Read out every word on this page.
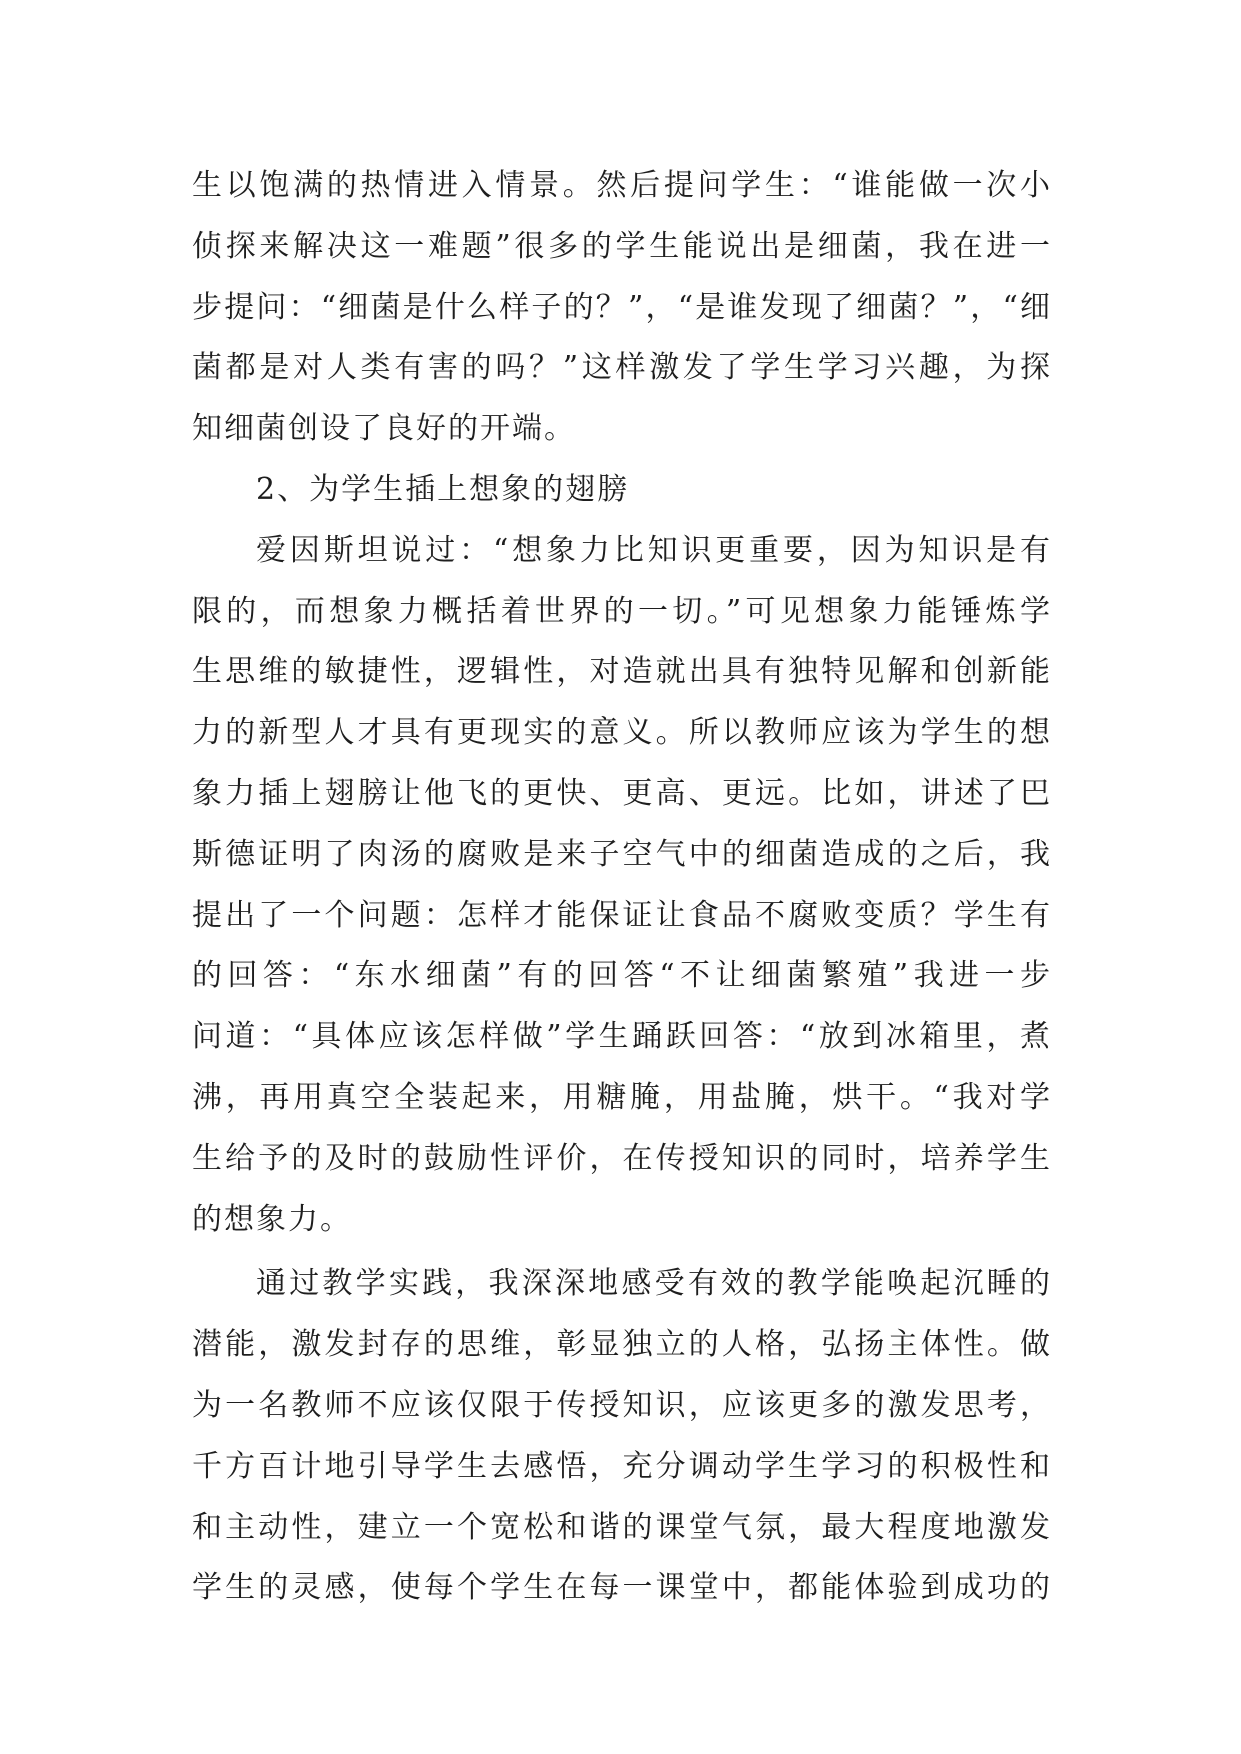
生以饱满的热情进入情景。然后提问学生：“谁能做一次小
侦探来解决这一难题”很多的学生能说出是细菌，我在进一
步提问：“细菌是什么样子的？”，“是谁发现了细菌？”，“细
菌都是对人类有害的吗？”这样激发了学生学习兴趣，为探
知细菌创设了良好的开端。
2、为学生插上想象的翅膀
爱因斯坦说过：“想象力比知识更重要，因为知识是有
限的，而想象力概括着世界的一切。”可见想象力能锤炼学
生思维的敏捷性，逻辑性，对造就出具有独特见解和创新能
力的新型人才具有更现实的意义。所以教师应该为学生的想
象力插上翅膀让他飞的更快、更高、更远。比如，讲述了巴
斯德证明了肉汤的腐败是来子空气中的细菌造成的之后，我
提出了一个问题：怎样才能保证让食品不腐败变质？学生有
的回答：“东水细菌”有的回答“不让细菌繁殖”我进一步
问道：“具体应该怎样做”学生踊跃回答：“放到冰箱里，煮
沸，再用真空全装起来，用糖腌，用盐腌，烘干。“我对学
生给予的及时的鼓励性评价，在传授知识的同时，培养学生
的想象力。
通过教学实践，我深深地感受有效的教学能唤起沉睡的
潜能，激发封存的思维，彰显独立的人格，弘扬主体性。做
为一名教师不应该仅限于传授知识，应该更多的激发思考，
千方百计地引导学生去感悟，充分调动学生学习的积极性和
和主动性，建立一个宽松和谐的课堂气氛，最大程度地激发
学生的灵感，使每个学生在每一课堂中，都能体验到成功的
